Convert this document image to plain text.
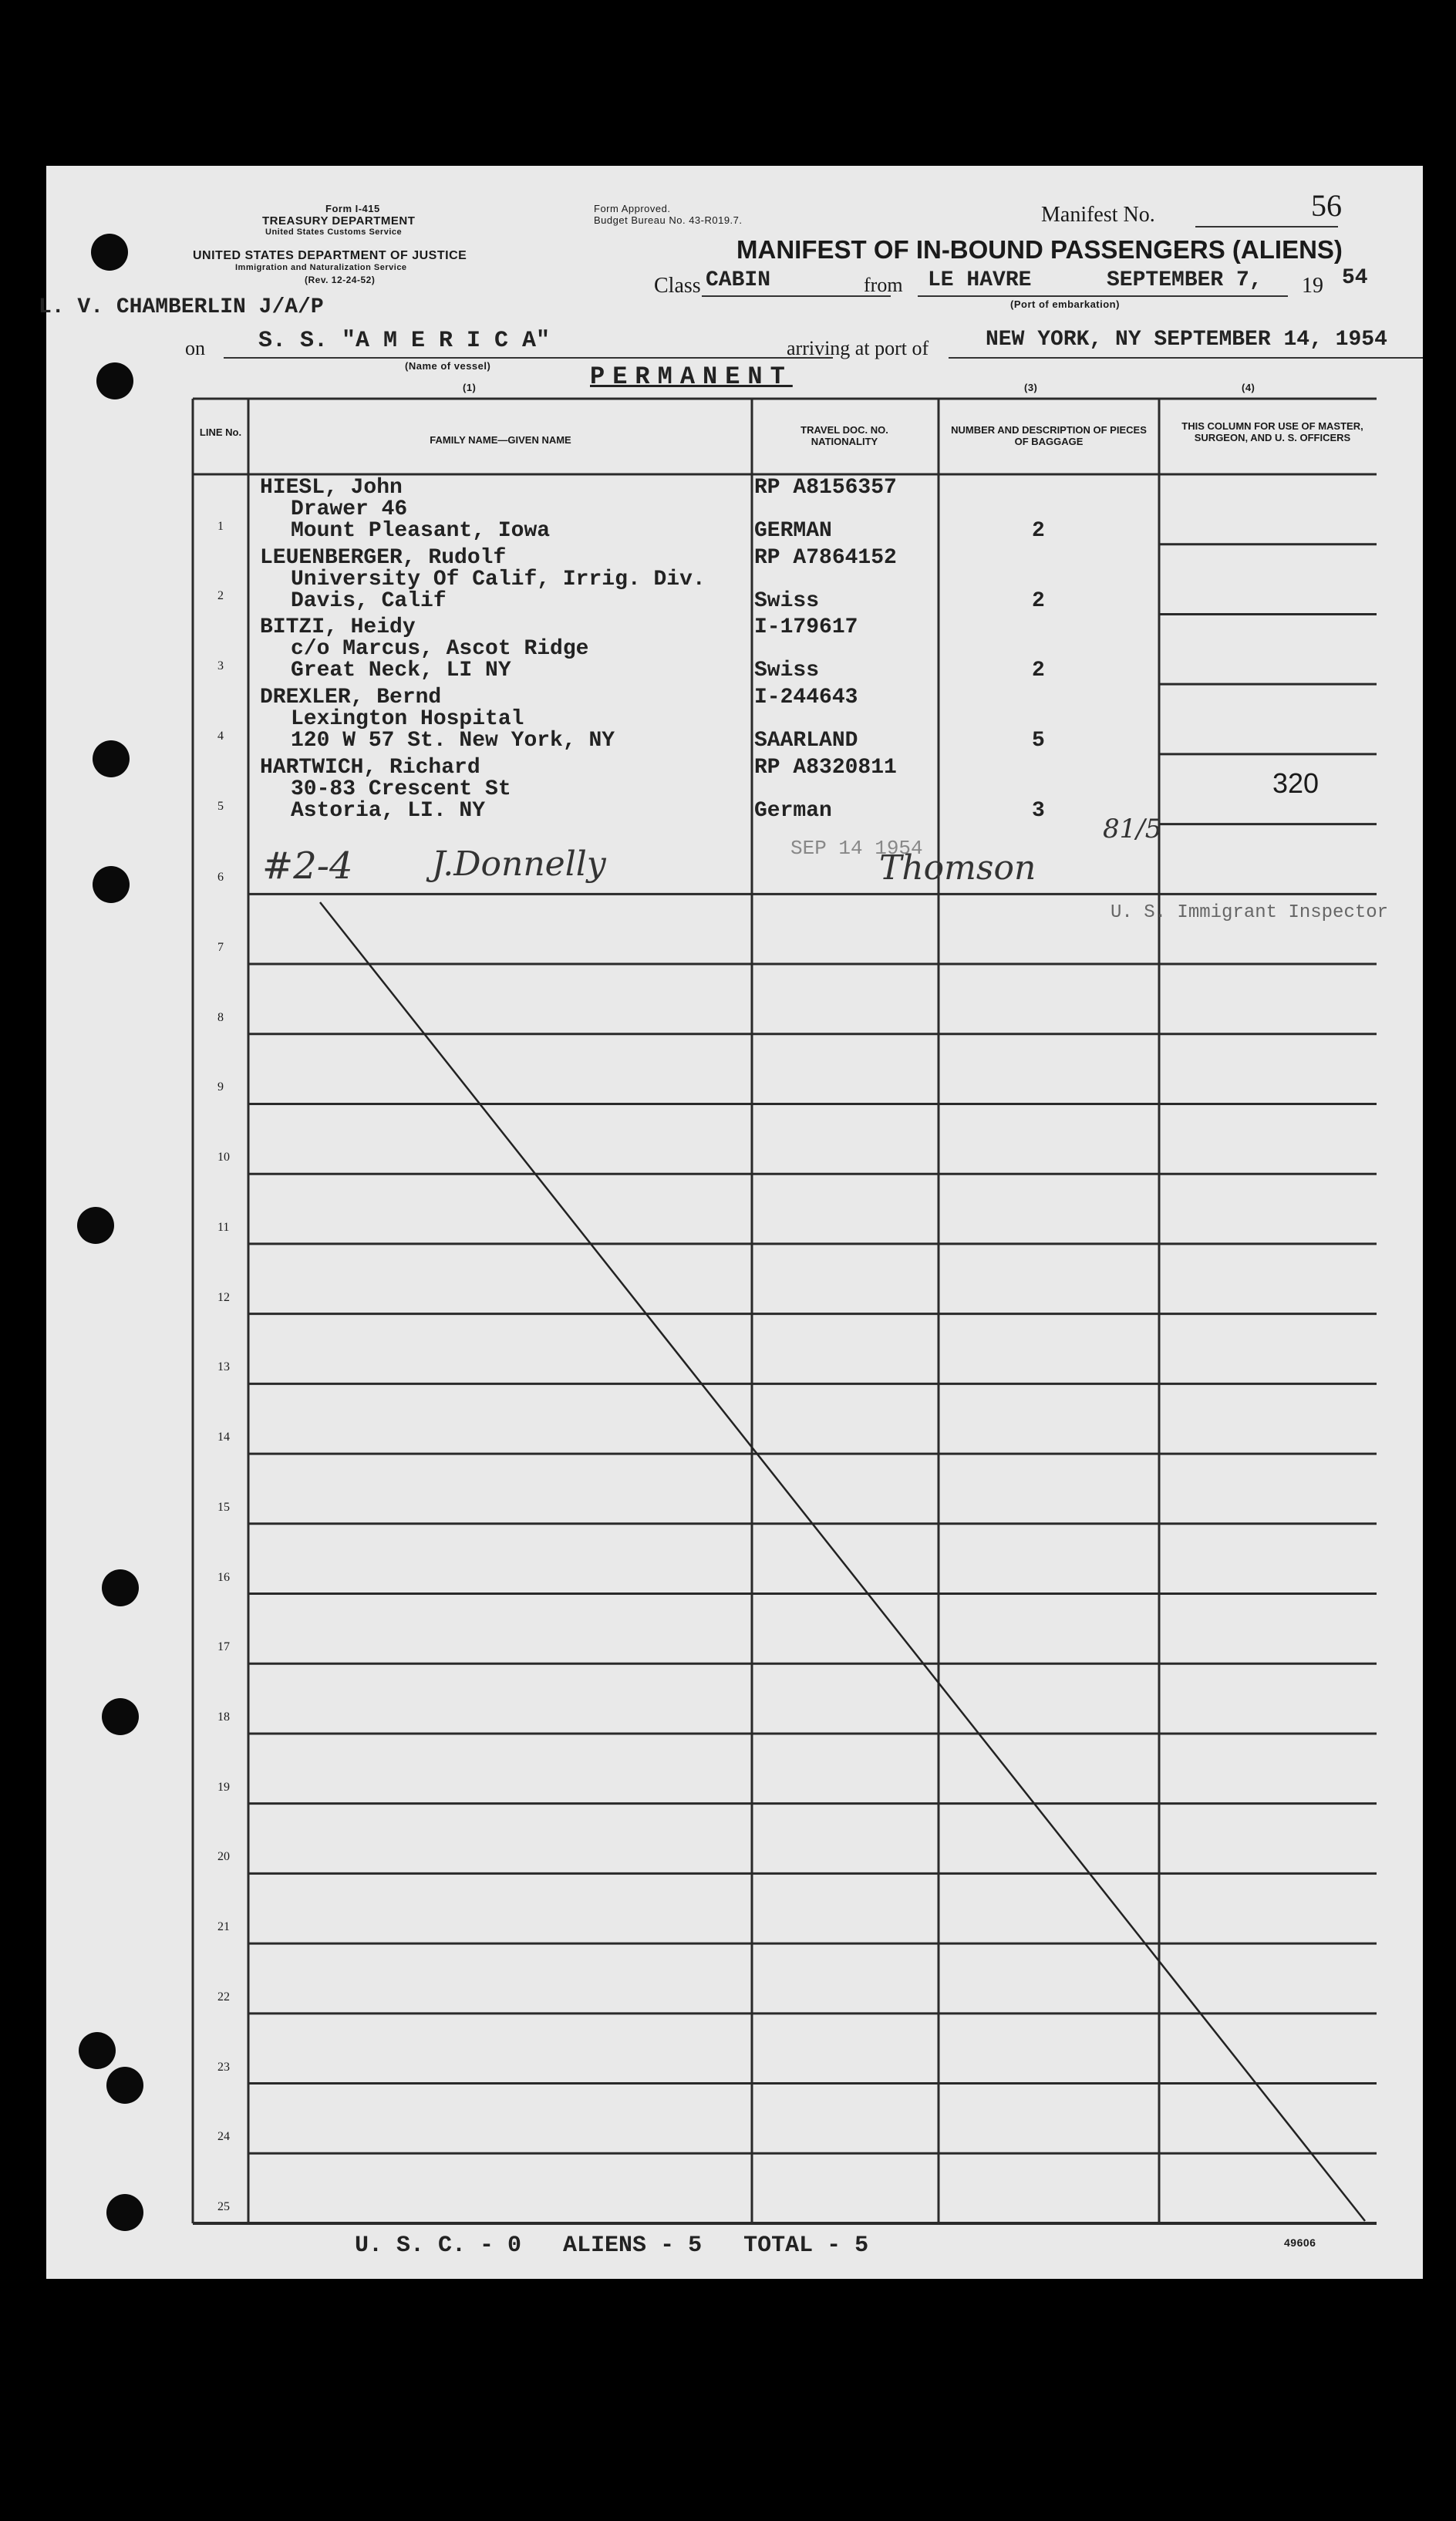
Form I-415
TREASURY DEPARTMENT
United States Customs Service
UNITED STATES DEPARTMENT OF JUSTICE
Immigration and Naturalization Service
(Rev. 12-24-52)
Form Approved.
Budget Bureau No. 43-R019.7.	Manifest No.	56
MANIFEST OF IN-BOUND PASSENGERS (ALIENS)
Class CABIN	from LE HAVRE	SEPTEMBER 7, 19 54
(Port of embarkation)
L. V. CHAMBERLIN J/A/P
on S. S. "A M E R I C A"
(Name of vessel)
arriving at port of	NEW YORK, NY SEPTEMBER 14, 1954
PERMANENT
(1)	(3)	(4)
LINE No.
FAMILY NAME—GIVEN NAME
TRAVEL DOC. NO. NATIONALITY
NUMBER AND DESCRIPTION OF PIECES OF BAGGAGE
THIS COLUMN FOR USE OF MASTER, SURGEON, AND U. S. OFFICERS
1
HIESL, John
Drawer 46
Mount Pleasant, Iowa
RP A8156357
GERMAN	2
2
LEUENBERGER, Rudolf
University Of Calif, Irrig. Div.
Davis, Calif
RP A7864152
Swiss	2
3
BITZI, Heidy
c/o Marcus, Ascot Ridge
Great Neck, LI NY
I-179617
Swiss	2
4
DREXLER, Bernd
Lexington Hospital
120 W 57 St. New York, NY
I-244643
SAARLAND	5
5
HARTWICH, Richard
30-83 Crescent St
Astoria, LI. NY
RP A8320811
German	3
6
7
8
9
10
11
12
13
14
15
16
17
18
19
20
21
22
23
24
25
320
#2-4 J.Donnelly	Thomson
81/5
SEP 14 1954
U. S. Immigrant Inspector
U. S. C. - 0   ALIENS - 5   TOTAL - 5	49606
